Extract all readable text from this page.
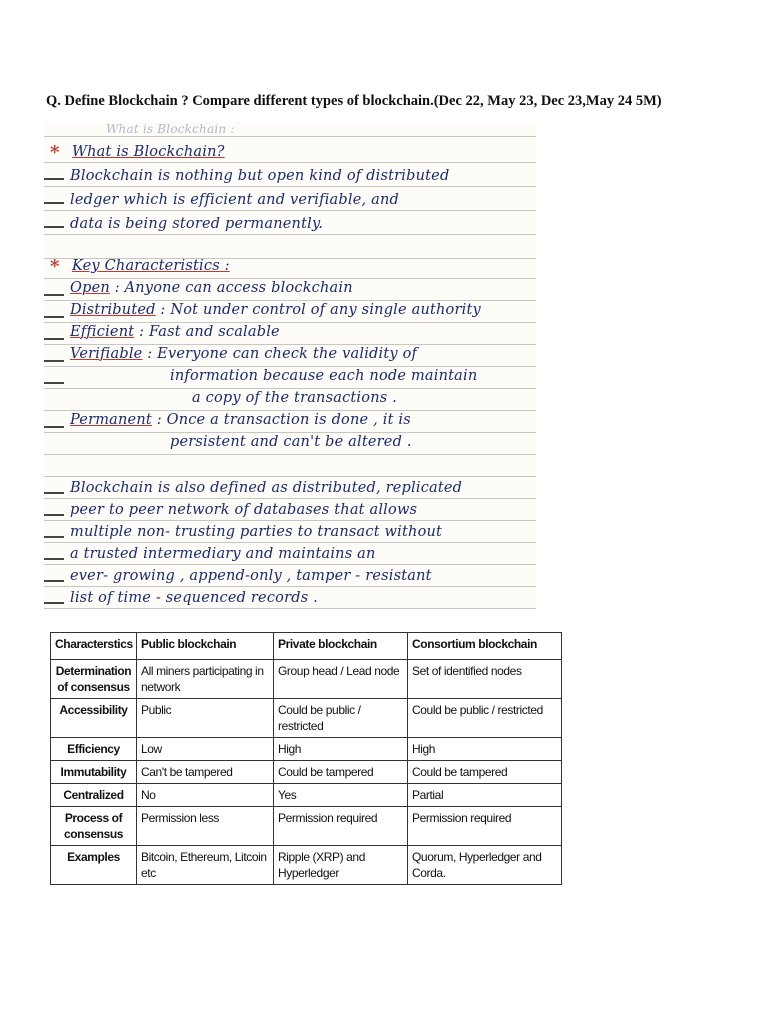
Q. Define Blockchain ? Compare different types of blockchain.(Dec 22, May 23, Dec 23,May 24 5M)

What is Blockchain :
* What is Blockchain?
Blockchain is nothing but open kind of distributed
ledger which is efficient and verifiable, and
data is being stored permanently.
* Key Characteristics :
Open : Anyone can access blockchain
Distributed : Not under control of any single authority
Efficient : Fast and scalable
Verifiable : Everyone can check the validity of
information because each node maintain
a copy of the transactions .
Permanent : Once a transaction is done , it is
persistent and can't be altered .
Blockchain is also defined as distributed, replicated
peer to peer network of databases that allows
multiple non- trusting parties to transact without
a trusted intermediary and maintains an
ever- growing , append-only , tamper - resistant
list of time - sequenced records .
Characterstics	Public blockchain	Private blockchain	Consortium blockchain
Determination of consensus	All miners participating in network	Group head / Lead node	Set of identified nodes
Accessibility	Public	Could be public / restricted	Could be public / restricted
Efficiency	Low	High	High
Immutability	Can't be tampered	Could be tampered	Could be tampered
Centralized	No	Yes	Partial
Process of consensus	Permission less	Permission required	Permission required
Examples	Bitcoin, Ethereum, Litcoin etc	Ripple (XRP) and Hyperledger	Quorum, Hyperledger and Corda.
